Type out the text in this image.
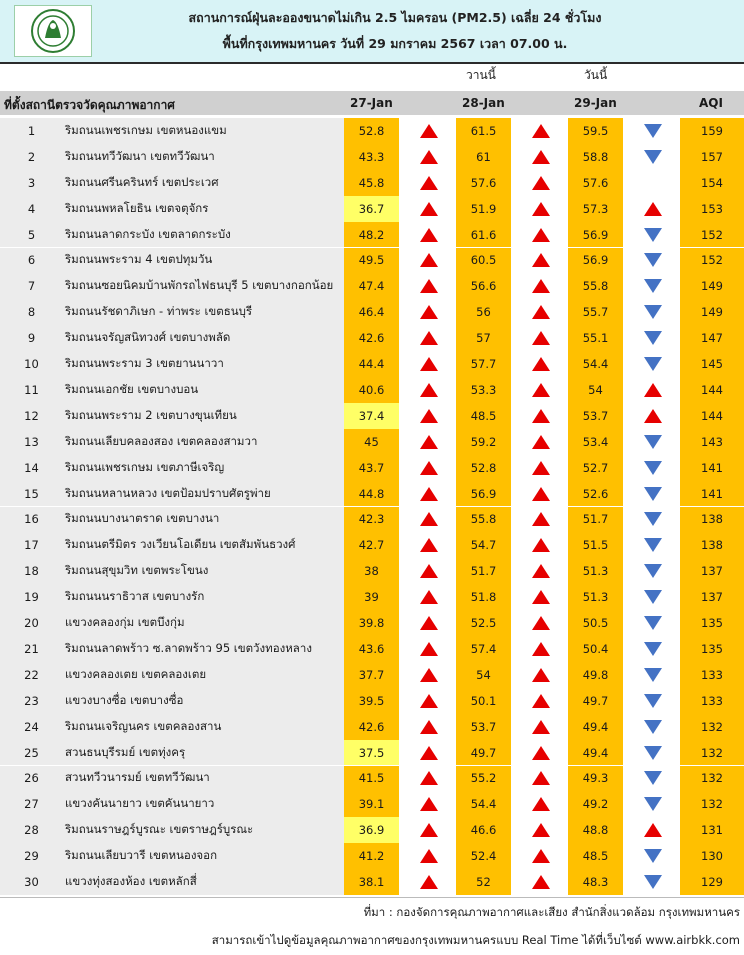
สถานการณ์ฝุ่นละอองขนาดไม่เกิน 2.5 ไมครอน (PM2.5) เฉลี่ย 24 ชั่วโมง
พื้นที่กรุงเทพมหานคร วันที่ 29 มกราคม 2567 เวลา 07.00 น.
วานนี้	วันนี้
ที่ตั้งสถานีตรวจวัดคุณภาพอากาศ	27-Jan	28-Jan	29-Jan	AQI
1	ริมถนนเพชรเกษม เขตหนองแขม	52.8	61.5	59.5	159
2	ริมถนนทวีวัฒนา เขตทวีวัฒนา	43.3	61	58.8	157
3	ริมถนนศรีนครินทร์ เขตประเวศ	45.8	57.6	57.6	154
4	ริมถนนพหลโยธิน เขตจตุจักร	36.7	51.9	57.3	153
5	ริมถนนลาดกระบัง เขตลาดกระบัง	48.2	61.6	56.9	152
6	ริมถนนพระราม 4 เขตปทุมวัน	49.5	60.5	56.9	152
7	ริมถนนซอยนิคมบ้านพักรถไฟธนบุรี 5 เขตบางกอกน้อย	47.4	56.6	55.8	149
8	ริมถนนรัชดาภิเษก - ท่าพระ เขตธนบุรี	46.4	56	55.7	149
9	ริมถนนจรัญสนิทวงศ์ เขตบางพลัด	42.6	57	55.1	147
10	ริมถนนพระราม 3 เขตยานนาวา	44.4	57.7	54.4	145
11	ริมถนนเอกชัย เขตบางบอน	40.6	53.3	54	144
12	ริมถนนพระราม 2 เขตบางขุนเทียน	37.4	48.5	53.7	144
13	ริมถนนเลียบคลองสอง เขตคลองสามวา	45	59.2	53.4	143
14	ริมถนนเพชรเกษม เขตภาษีเจริญ	43.7	52.8	52.7	141
15	ริมถนนหลานหลวง เขตป้อมปราบศัตรูพ่าย	44.8	56.9	52.6	141
16	ริมถนนบางนาตราด เขตบางนา	42.3	55.8	51.7	138
17	ริมถนนตรีมิตร วงเวียนโอเดียน เขตสัมพันธวงศ์	42.7	54.7	51.5	138
18	ริมถนนสุขุมวิท เขตพระโขนง	38	51.7	51.3	137
19	ริมถนนนราธิวาส เขตบางรัก	39	51.8	51.3	137
20	แขวงคลองกุ่ม เขตบึงกุ่ม	39.8	52.5	50.5	135
21	ริมถนนลาดพร้าว ซ.ลาดพร้าว 95 เขตวังทองหลาง	43.6	57.4	50.4	135
22	แขวงคลองเตย เขตคลองเตย	37.7	54	49.8	133
23	แขวงบางซื่อ เขตบางซื่อ	39.5	50.1	49.7	133
24	ริมถนนเจริญนคร เขตคลองสาน	42.6	53.7	49.4	132
25	สวนธนบุรีรมย์ เขตทุ่งครุ	37.5	49.7	49.4	132
26	สวนทวีวนารมย์ เขตทวีวัฒนา	41.5	55.2	49.3	132
27	แขวงคันนายาว เขตคันนายาว	39.1	54.4	49.2	132
28	ริมถนนราษฎร์บูรณะ เขตราษฎร์บูรณะ	36.9	46.6	48.8	131
29	ริมถนนเลียบวารี เขตหนองจอก	41.2	52.4	48.5	130
30	แขวงทุ่งสองห้อง เขตหลักสี่	38.1	52	48.3	129
ที่มา : กองจัดการคุณภาพอากาศและเสียง สำนักสิ่งแวดล้อม กรุงเทพมหานคร
สามารถเข้าไปดูข้อมูลคุณภาพอากาศของกรุงเทพมหานครแบบ Real Time ได้ที่เว็บไซต์ www.airbkk.com
